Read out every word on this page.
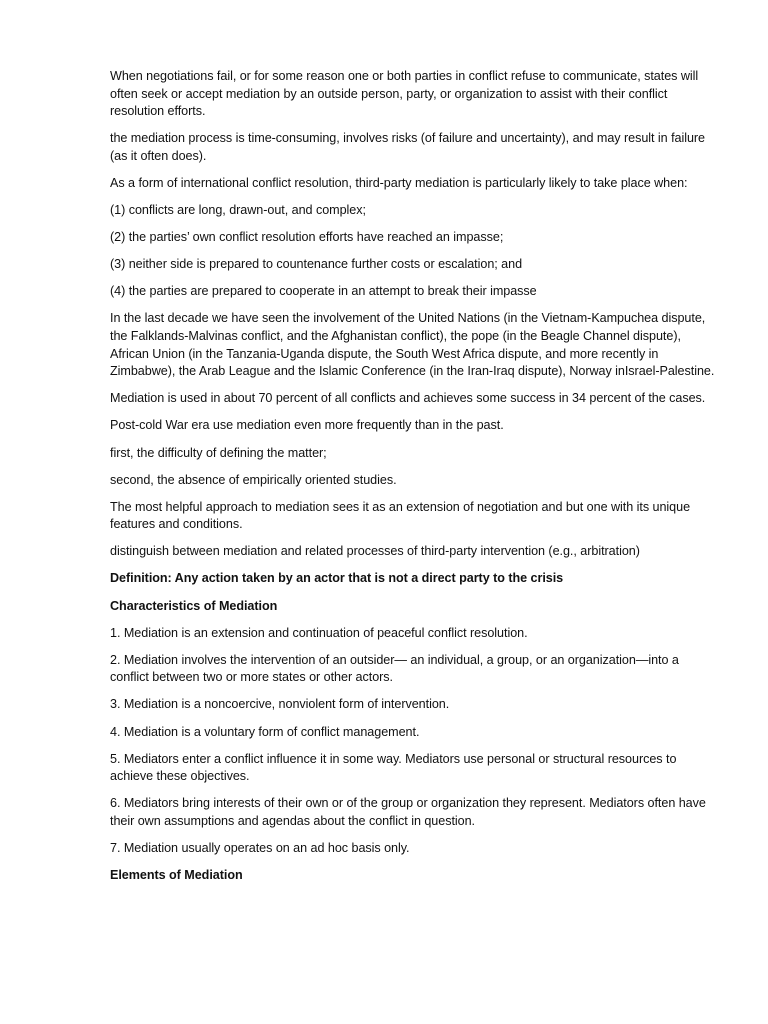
When negotiations fail, or for some reason one or both parties in conflict refuse to communicate, states will often seek or accept mediation by an outside person, party, or organization to assist with their conflict resolution efforts.

the mediation process is time-consuming, involves risks (of failure and uncertainty), and may result in failure (as it often does).

As a form of international conflict resolution, third-party mediation is particularly likely to take place when:

(1) conflicts are long, drawn-out, and complex;

(2) the parties’ own conflict resolution efforts have reached an impasse;

(3) neither side is prepared to countenance further costs or escalation; and

(4) the parties are prepared to cooperate in an attempt to break their impasse

In the last decade we have seen the involvement of the United Nations (in the Vietnam-Kampuchea dispute, the Falklands-Malvinas conflict, and the Afghanistan conflict), the pope (in the Beagle Channel dispute), African Union (in the Tanzania-Uganda dispute, the South West Africa dispute, and more recently in Zimbabwe), the Arab League and the Islamic Conference (in the Iran-Iraq dispute), Norway inIsrael-Palestine.

Mediation is used in about 70 percent of all conflicts and achieves some success in 34 percent of the cases.

Post-cold War era use mediation even more frequently than in the past.

first, the difficulty of defining the matter;

second, the absence of empirically oriented studies.

The most helpful approach to mediation sees it as an extension of negotiation and but one with its unique features and conditions.

distinguish between mediation and related processes of third-party intervention (e.g., arbitration)

Definition: Any action taken by an actor that is not a direct party to the crisis

Characteristics of Mediation

1. Mediation is an extension and continuation of peaceful conflict resolution.

2. Mediation involves the intervention of an outsider— an individual, a group, or an organization—into a conflict between two or more states or other actors.

3. Mediation is a noncoercive, nonviolent form of intervention.

4. Mediation is a voluntary form of conflict management.

5. Mediators enter a conflict influence it in some way. Mediators use personal or structural resources to achieve these objectives.

6. Mediators bring interests of their own or of the group or organization they represent. Mediators often have their own assumptions and agendas about the conflict in question.

7. Mediation usually operates on an ad hoc basis only.

Elements of Mediation
